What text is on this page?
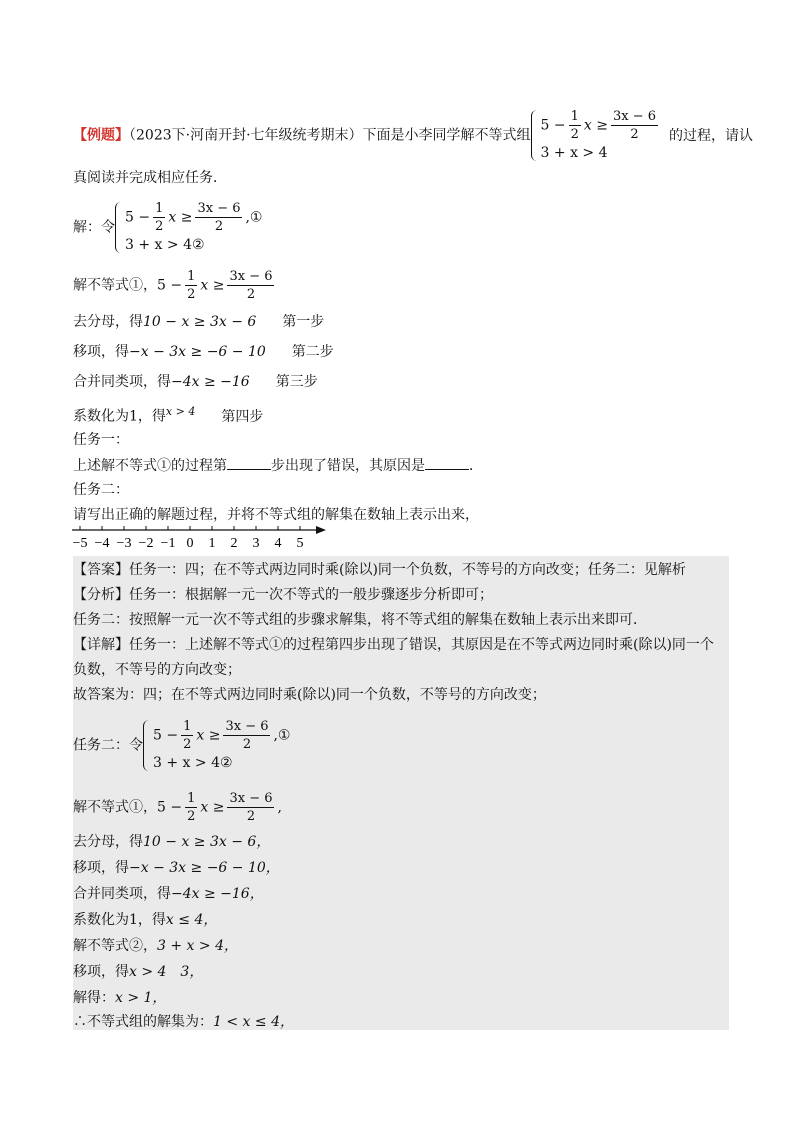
【例题】（2023下·河南开封·七年级统考期末）下面是小李同学解不等式组
$5 - \frac{1}{2}$ $x \ge \frac{3x - 6}{2}$
3 + x > 4
的过程，请认
真阅读并完成相应任务．
解：令
$5 - \frac{1}{2}$ $x \ge \frac{3x - 6}{2}$ ,①
3 + x > 4②
解不等式①，$5 - \frac{1}{2}$ $x \ge \frac{3x - 6}{2}$
去分母，得10 − x ≥ 3x − 6 第一步
移项，得−x − 3x ≥ −6 − 10 第二步
合并同类项，得−4x ≥ −16 第三步
系数化为1，得$^{x > 4}$ 第四步
任务一：
上述解不等式①的过程第	步出现了错误，其原因是	．
任务二：
请写出正确的解题过程，并将不等式组的解集在数轴上表示出来，
−5 −4 −3 −2 −1 0 1 2 3 4 5
【答案】任务一：四；在不等式两边同时乘(除以)同一个负数，不等号的方向改变；任务二：见解析
【分析】任务一：根据解一元一次不等式的一般步骤逐步分析即可；
任务二：按照解一元一次不等式组的步骤求解集，将不等式组的解集在数轴上表示出来即可．
【详解】任务一：上述解不等式①的过程第四步出现了错误，其原因是在不等式两边同时乘(除以)同一个
负数，不等号的方向改变；
故答案为：四；在不等式两边同时乘(除以)同一个负数，不等号的方向改变；
任务二：令
$5 - \frac{1}{2}$ $x \ge \frac{3x - 6}{2}$ ,①
3 + x > 4②
解不等式①，$5 - \frac{1}{2}$ $x \ge \frac{3x - 6}{2}$ ,
去分母，得10 − x ≥ 3x − 6，
移项，得−x − 3x ≥ −6 − 10，
合并同类项，得−4x ≥ −16，
系数化为1，得x ≤ 4，
解不等式②，3 + x > 4，
移项，得x > 4　3，
解得：x > 1，
∴不等式组的解集为：1 < x ≤ 4，
